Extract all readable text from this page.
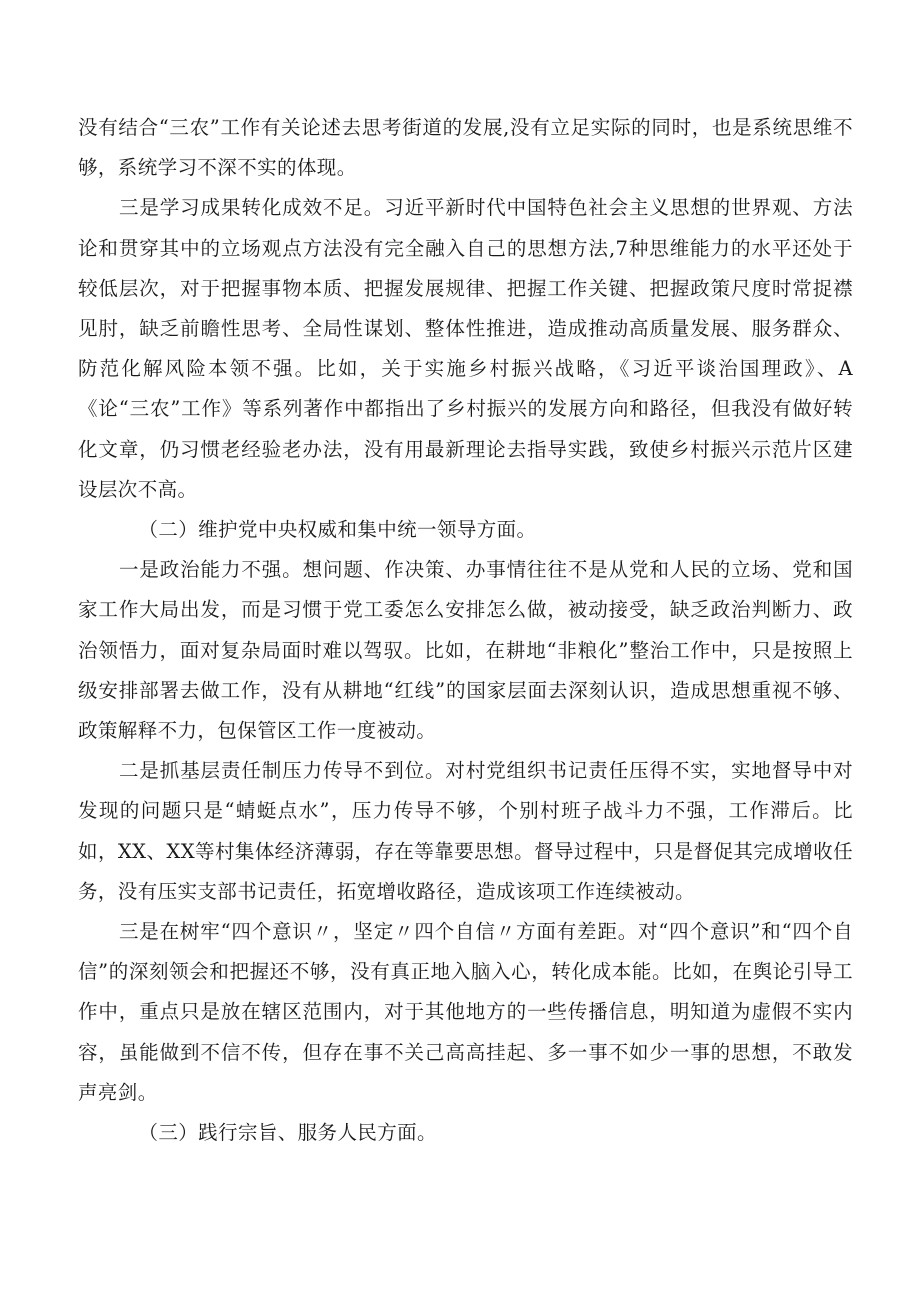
没有结合“三农”工作有关论述去思考街道的发展,没有立足实际的同时，也是系统思维不够，系统学习不深不实的体现。

三是学习成果转化成效不足。习近平新时代中国特色社会主义思想的世界观、方法论和贯穿其中的立场观点方法没有完全融入自己的思想方法,7种思维能力的水平还处于较低层次，对于把握事物本质、把握发展规律、把握工作关键、把握政策尺度时常捉襟见肘，缺乏前瞻性思考、全局性谋划、整体性推进，造成推动高质量发展、服务群众、防范化解风险本领不强。比如，关于实施乡村振兴战略，《习近平谈治国理政》、A《论“三农”工作》等系列著作中都指出了乡村振兴的发展方向和路径，但我没有做好转化文章，仍习惯老经验老办法，没有用最新理论去指导实践，致使乡村振兴示范片区建设层次不高。

（二）维护党中央权威和集中统一领导方面。

一是政治能力不强。想问题、作决策、办事情往往不是从党和人民的立场、党和国家工作大局出发，而是习惯于党工委怎么安排怎么做，被动接受，缺乏政治判断力、政治领悟力，面对复杂局面时难以驾驭。比如，在耕地“非粮化”整治工作中，只是按照上级安排部署去做工作，没有从耕地“红线”的国家层面去深刻认识，造成思想重视不够、政策解释不力，包保管区工作一度被动。

二是抓基层责任制压力传导不到位。对村党组织书记责任压得不实，实地督导中对发现的问题只是“蜻蜓点水”，压力传导不够，个别村班子战斗力不强，工作滞后。比如，XX、XX等村集体经济薄弱，存在等靠要思想。督导过程中，只是督促其完成增收任务，没有压实支部书记责任，拓宽增收路径，造成该项工作连续被动。

三是在树牢“四个意识〃，坚定〃四个自信〃方面有差距。对“四个意识”和“四个自信”的深刻领会和把握还不够，没有真正地入脑入心，转化成本能。比如，在舆论引导工作中，重点只是放在辖区范围内，对于其他地方的一些传播信息，明知道为虚假不实内容，虽能做到不信不传，但存在事不关己高高挂起、多一事不如少一事的思想，不敢发声亮剑。

（三）践行宗旨、服务人民方面。
